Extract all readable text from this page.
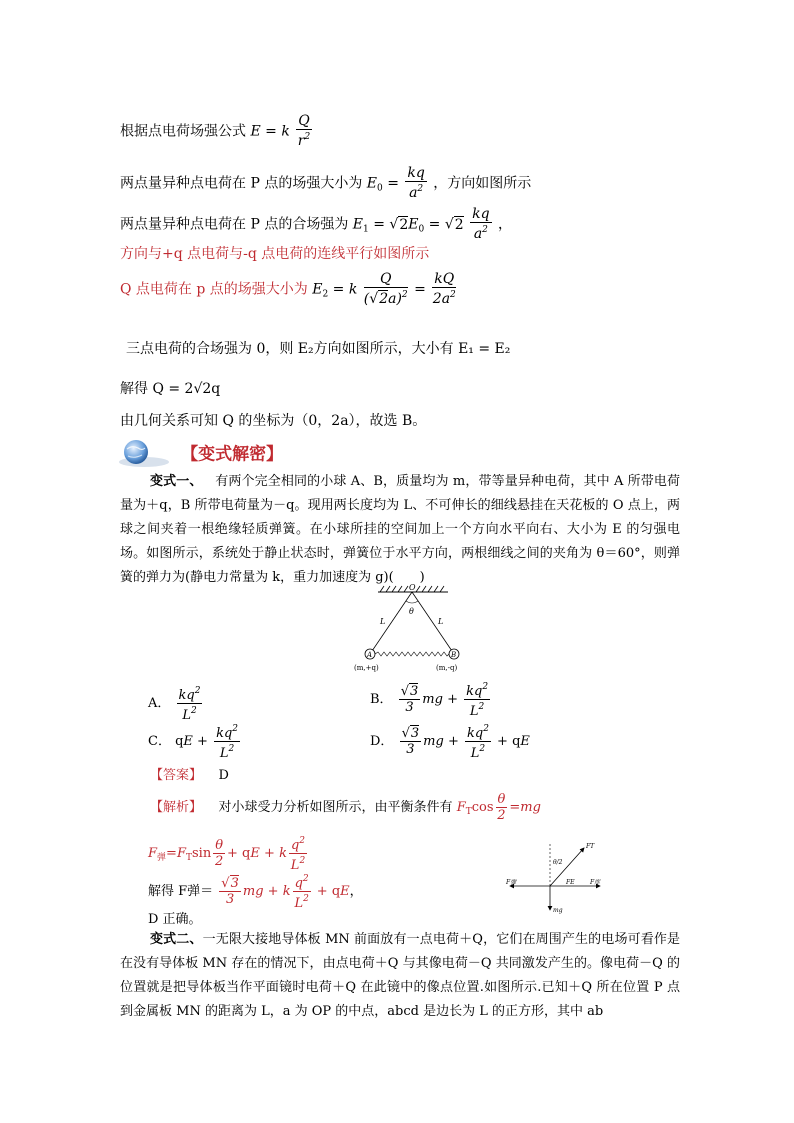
根据点电荷场强公式 E = k $\frac{Q}{r^2}$
两点量异种点电荷在 P 点的场强大小为 $E_0 = \frac{kq}{a^2}$ ，方向如图所示
两点量异种点电荷在 P 点的合场强为 $E_1 = √2E_0 = √2 \frac{kq}{a^2}$ ，
方向与+q 点电荷与-q 点电荷的连线平行如图所示
Q 点电荷在 p 点的场强大小为 $E_2 = k \frac{Q}{(√2a)^2} = \frac{kQ}{2a^2}$
三点电荷的合场强为 0，则 E₂方向如图所示，大小有 E₁ = E₂
解得 Q = 2√2q
由几何关系可知 Q 的坐标为（0，2a），故选 B。
【变式解密】

变式一、 有两个完全相同的小球 A、B，质量均为 m，带等量异种电荷，其中 A 所带电荷量为＋q，B 所带电荷量为－q。现用两长度均为 L、不可伸长的细线悬挂在天花板的 O 点上，两球之间夹着一根绝缘轻质弹簧。在小球所挂的空间加上一个方向水平向右、大小为 E 的匀强电场。如图所示，系统处于静止状态时，弹簧位于水平方向，两根细线之间的夹角为 θ＝60°，则弹簧的弹力为(静电力常量为 k，重力加速度为 g)(　　)

O
θ
L	L
A	B
(m,+q)	(m,-q)
A． $\frac{kq^2}{L^2}$	B． $\frac{√3}{3}$ mg + $\frac{kq^2}{L^2}$
C． qE + $\frac{kq^2}{L^2}$	D． $\frac{√3}{3}$ mg + $\frac{kq^2}{L^2}$ + qE
【答案】 D
【解析】 对小球受力分析如图所示，由平衡条件有 $F_T\cos \frac{\theta}{2} =mg$
$F_弹=F_T\sin \frac{\theta}{2}$ + qE + k $\frac{q^2}{L^2}$
解得 F弹＝ $\frac{√3}{3}$ mg + k $\frac{q^2}{L^2}$ + qE，
D 正确。
FT
θ/2
F弹	FE	F库
mg

变式二、一无限大接地导体板 MN 前面放有一点电荷＋Q，它们在周围产生的电场可看作是在没有导体板 MN 存在的情况下，由点电荷＋Q 与其像电荷－Q 共同激发产生的。像电荷－Q 的位置就是把导体板当作平面镜时电荷＋Q 在此镜中的像点位置.如图所示.已知＋Q 所在位置 P 点到金属板 MN 的距离为 L，a 为 OP 的中点，abcd 是边长为 L 的正方形，其中 ab
